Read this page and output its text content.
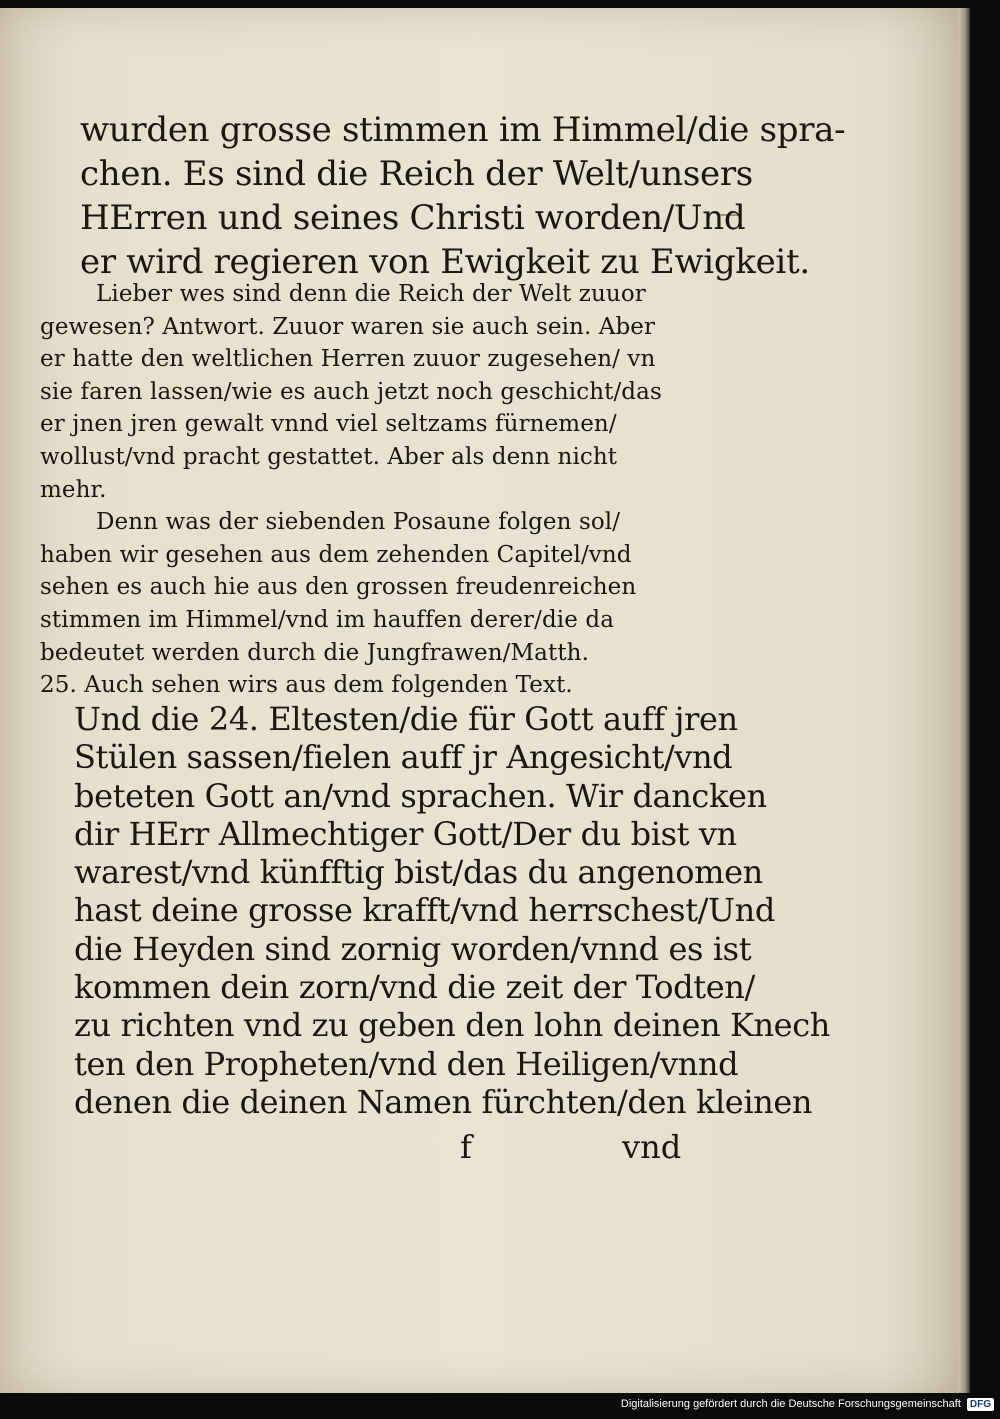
wurden grosse stimmen im Himmel/die spra-
chen. Es sind die Reich der Welt/unsers
HErren und seines Christi worden/Und
er wird regieren von Ewigkeit zu Ewigkeit.
Lieber wes sind denn die Reich der Welt zuuor
gewesen? Antwort. Zuuor waren sie auch sein. Aber
er hatte den weltlichen Herren zuuor zugesehen/ vn
sie faren lassen/wie es auch jetzt noch geschicht/das
er jnen jren gewalt vnnd viel seltzams fürnemen/
wollust/vnd pracht gestattet. Aber als denn nicht
mehr.
Denn was der siebenden Posaune folgen sol/
haben wir gesehen aus dem zehenden Capitel/vnd
sehen es auch hie aus den grossen freudenreichen
stimmen im Himmel/vnd im hauffen derer/die da
bedeutet werden durch die Jungfrawen/Matth.
25. Auch sehen wirs aus dem folgenden Text.
Und die 24. Eltesten/die für Gott auff jren
Stülen sassen/fielen auff jr Angesicht/vnd
beteten Gott an/vnd sprachen. Wir dancken
dir HErr Allmechtiger Gott/Der du bist vn
warest/vnd künfftig bist/das du angenomen
hast deine grosse krafft/vnd herrschest/Und
die Heyden sind zornig worden/vnnd es ist
kommen dein zorn/vnd die zeit der Todten/
zu richten vnd zu geben den lohn deinen Knech
ten den Propheten/vnd den Heiligen/vnnd
denen die deinen Namen fürchten/den kleinen
f	vnd
Digitalisierung gefördert durch die Deutsche Forschungsgemeinschaft DFG
